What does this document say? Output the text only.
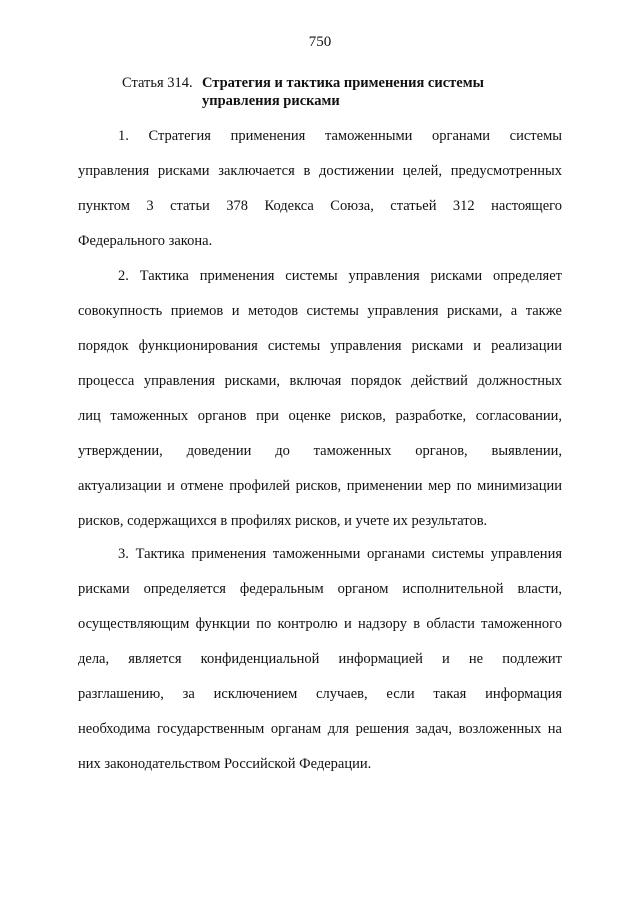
750
Статья 314. Стратегия и тактика применения системы
управления рисками
1. Стратегия применения таможенными органами системы
управления рисками заключается в достижении целей, предусмотренных
пунктом 3 статьи 378 Кодекса Союза, статьей 312 настоящего
Федерального закона.
2. Тактика применения системы управления рисками определяет
совокупность приемов и методов системы управления рисками, а также
порядок функционирования системы управления рисками и реализации
процесса управления рисками, включая порядок действий должностных
лиц таможенных органов при оценке рисков, разработке, согласовании,
утверждении, доведении до таможенных органов, выявлении,
актуализации и отмене профилей рисков, применении мер по минимизации
рисков, содержащихся в профилях рисков, и учете их результатов.
3. Тактика применения таможенными органами системы управления
рисками определяется федеральным органом исполнительной власти,
осуществляющим функции по контролю и надзору в области таможенного
дела, является конфиденциальной информацией и не подлежит
разглашению, за исключением случаев, если такая информация
необходима государственным органам для решения задач, возложенных на
них законодательством Российской Федерации.
